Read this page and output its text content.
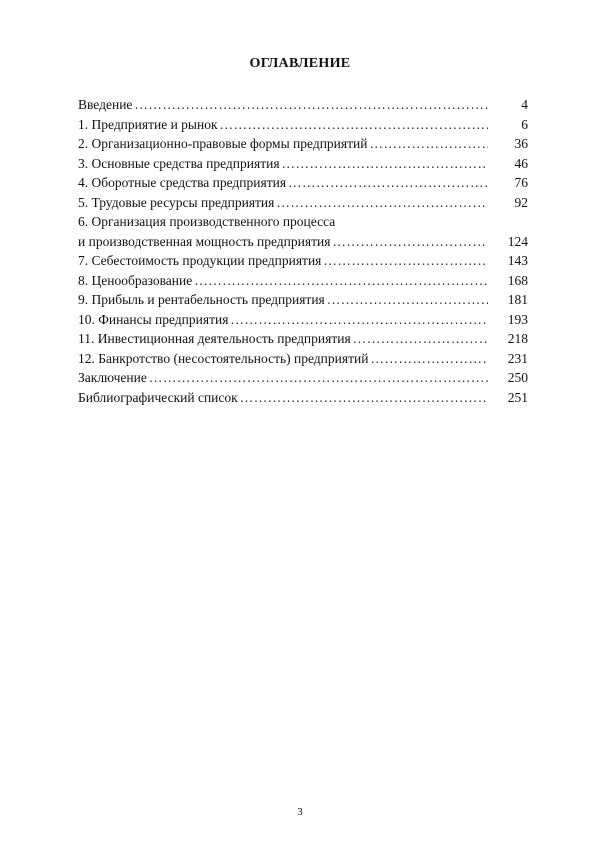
ОГЛАВЛЕНИЕ
Введение ………………………………………………………………………………………………………………………………………………	4
1. Предприятие и рынок ………………………………………………………………………………………………………………………………………………	6
2. Организационно-правовые формы предприятий ………………………………………………………………………………………………………………………………………………	36
3. Основные средства предприятия ………………………………………………………………………………………………………………………………………………	46
4. Оборотные средства предприятия ………………………………………………………………………………………………………………………………………………	76
5. Трудовые ресурсы предприятия ………………………………………………………………………………………………………………………………………………	92
6. Организация производственного процесса
и производственная мощность предприятия ………………………………………………………………………………………………………………………………………………	124
7. Себестоимость продукции предприятия ………………………………………………………………………………………………………………………………………………	143
8. Ценообразование ………………………………………………………………………………………………………………………………………………	168
9. Прибыль и рентабельность предприятия ………………………………………………………………………………………………………………………………………………	181
10. Финансы предприятия ………………………………………………………………………………………………………………………………………………	193
11. Инвестиционная деятельность предприятия ………………………………………………………………………………………………………………………………………………	218
12. Банкротство (несостоятельность) предприятий ………………………………………………………………………………………………………………………………………………	231
Заключение ………………………………………………………………………………………………………………………………………………	250
Библиографический список ………………………………………………………………………………………………………………………………………………	251
3
